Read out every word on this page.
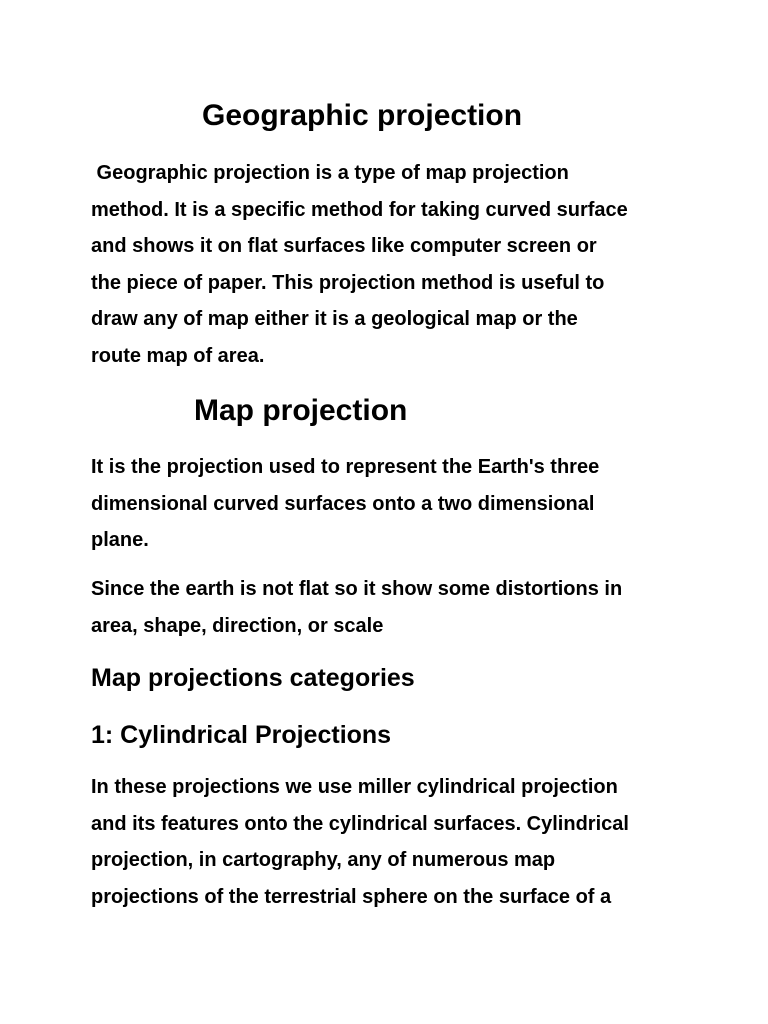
Geographic projection

Geographic projection is a type of map projection
method. It is a specific method for taking curved surface
and shows it on flat surfaces like computer screen or
the piece of paper. This projection method is useful to
draw any of map either it is a geological map or the
route map of area.

Map projection

It is the projection used to represent the Earth's three
dimensional curved surfaces onto a two dimensional
plane.

Since the earth is not flat so it show some distortions in
area, shape, direction, or scale

Map projections categories
1: Cylindrical Projections

In these projections we use miller cylindrical projection
and its features onto the cylindrical surfaces. Cylindrical
projection, in cartography, any of numerous map
projections of the terrestrial sphere on the surface of a
